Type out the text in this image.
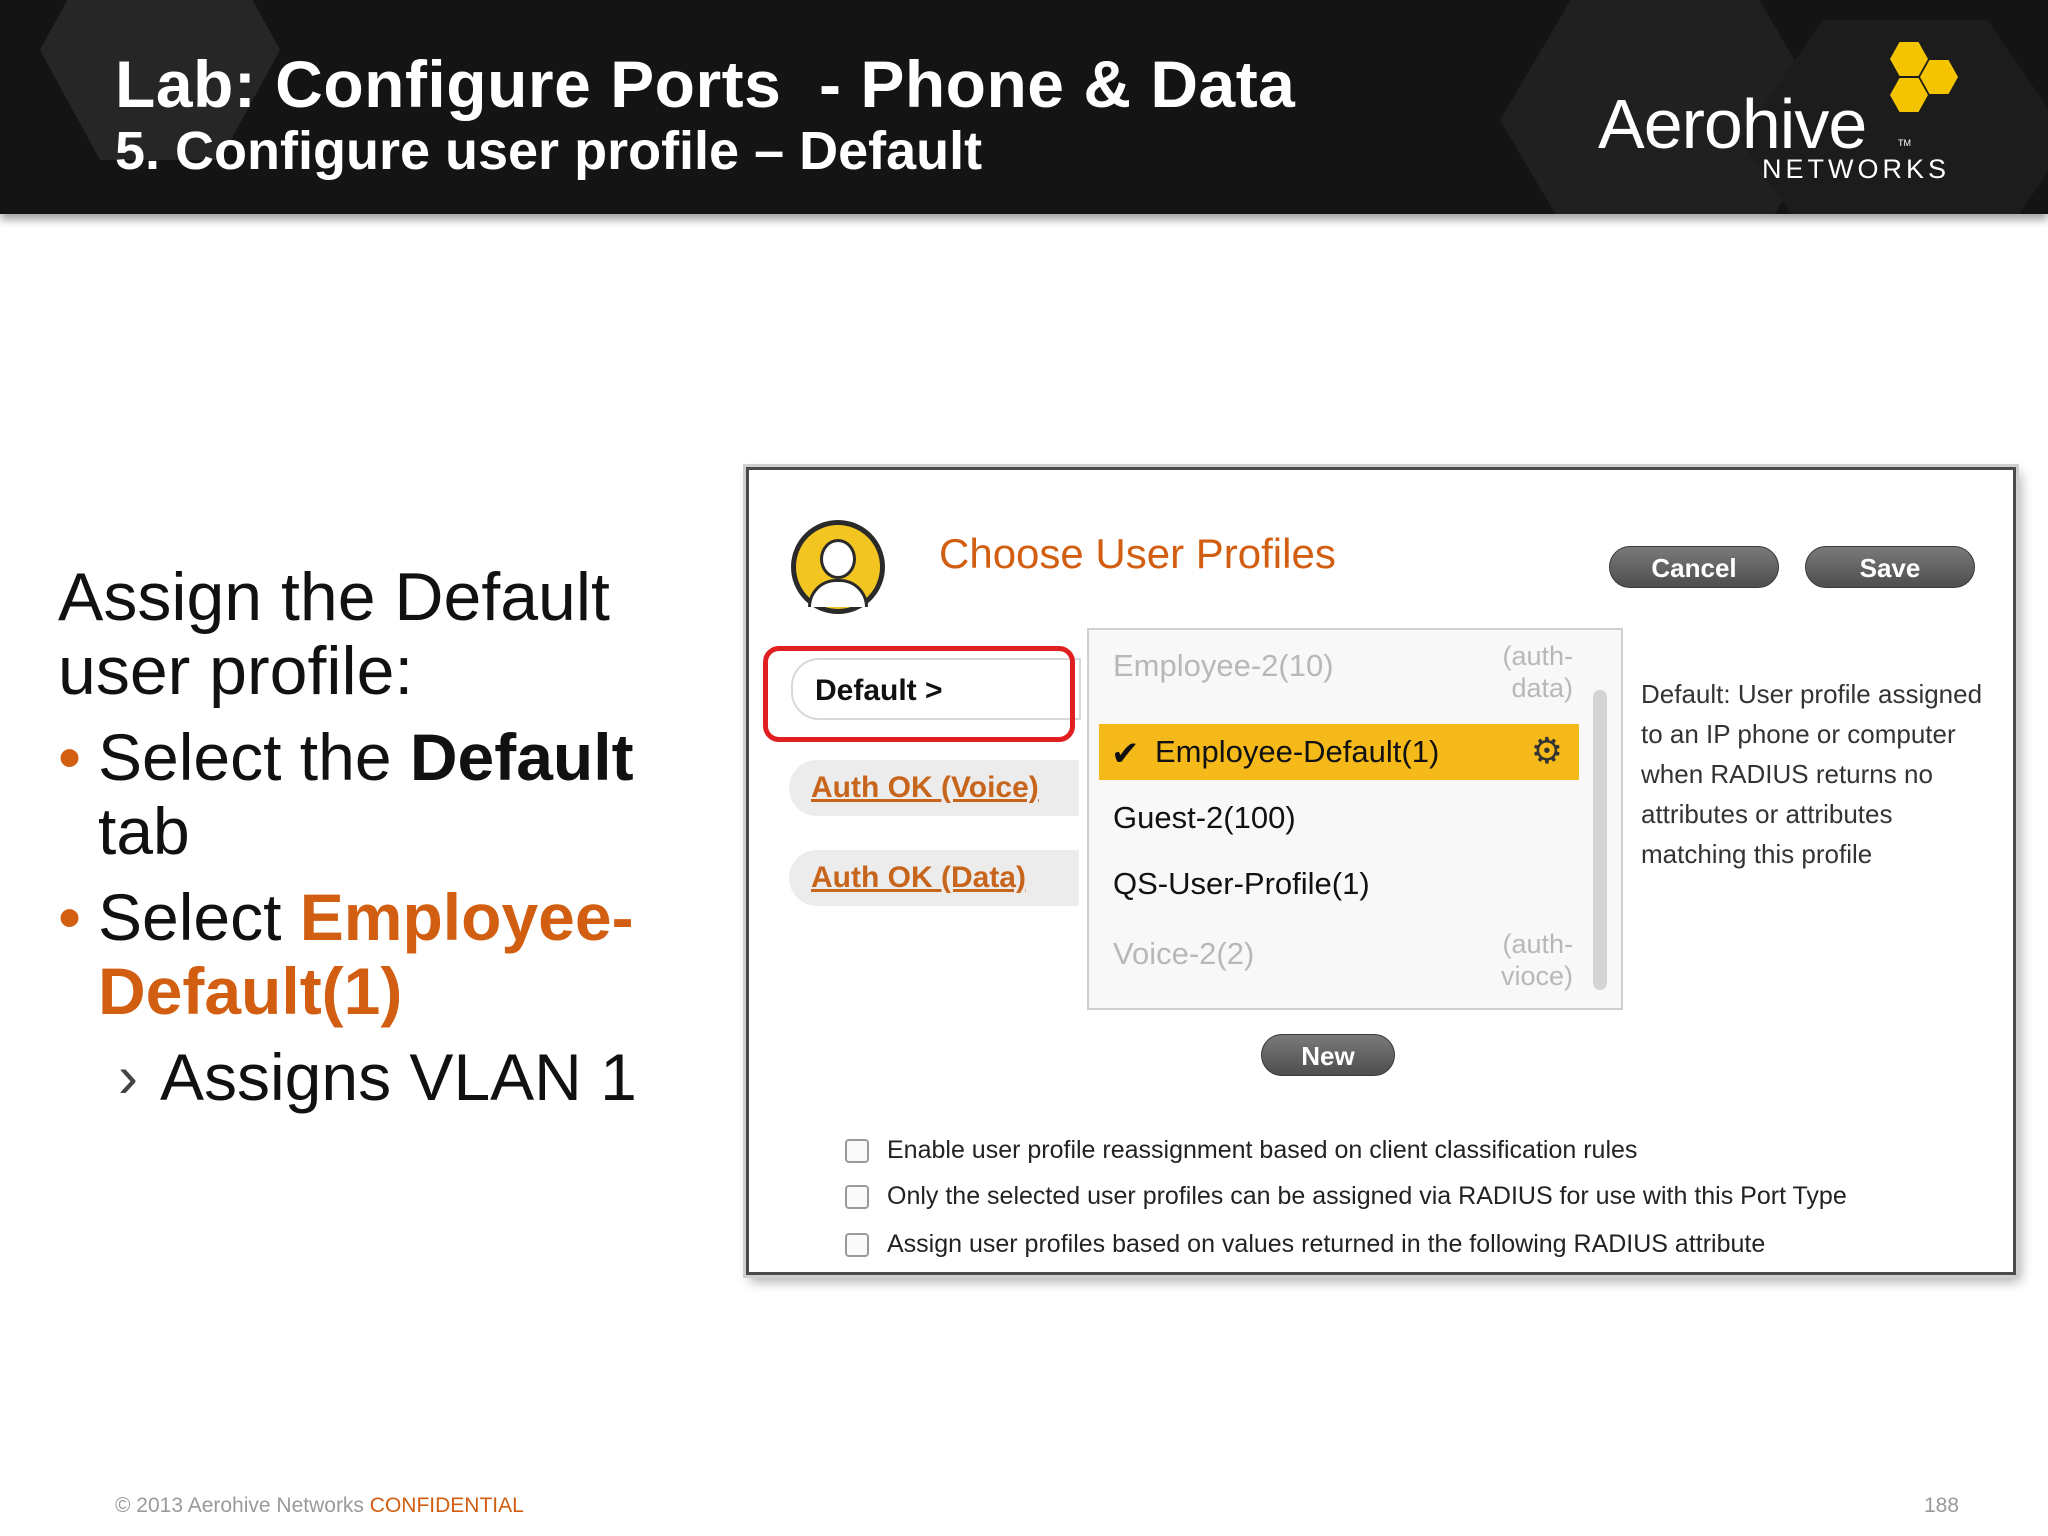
Lab: Configure Ports  - Phone & Data
5. Configure user profile – Default	Aerohive	TM
NETWORKS
Assign the Default user profile:
• Select the Default tab
• Select Employee-Default(1)
› Assigns VLAN 1
Choose User Profiles	Cancel	Save
Default >
Auth OK (Voice)
Auth OK (Data)
Employee-2(10)	(auth-
data)
✔ Employee-Default(1)	⚙
Guest-2(100)
QS-User-Profile(1)
Voice-2(2)	(auth-
vioce)
Default: User profile assigned to an IP phone or computer when RADIUS returns no attributes or attributes matching this profile
New
Enable user profile reassignment based on client classification rules
Only the selected user profiles can be assigned via RADIUS for use with this Port Type
Assign user profiles based on values returned in the following RADIUS attribute
© 2013 Aerohive Networks CONFIDENTIAL	188
